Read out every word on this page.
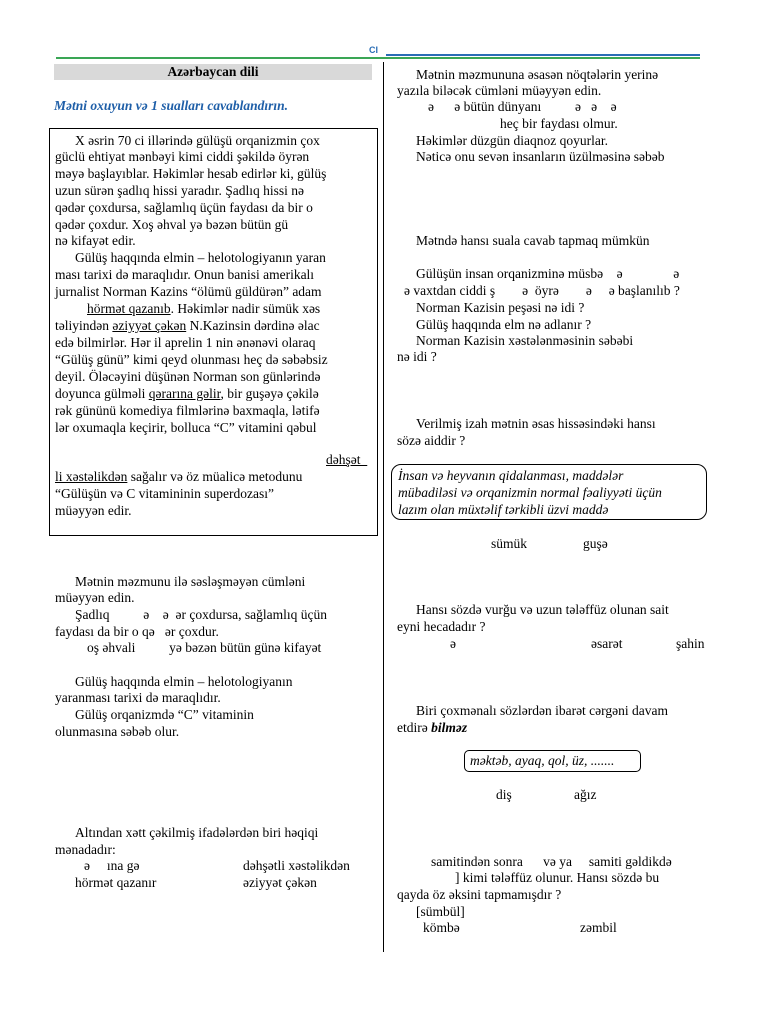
CI
Azərbaycan dili
Mətni oxuyun və 1 sualları cavablandırın.
X əsrin 70 ci illərində gülüşü orqanizmin çox
güclü ehtiyat mənbəyi kimi ciddi şəkildə öyrən
məyə başlayıblar. Həkimlər hesab edirlər ki, gülüş
uzun sürən şadlıq hissi yaradır. Şadlıq hissi nə
qədər çoxdursa, sağlamlıq üçün faydası da bir o
qədər çoxdur. Xoş əhval yə bəzən bütün gü
nə kifayət edir.
Gülüş haqqında elmin – helotologiyanın yaran
ması tarixi də maraqlıdır. Onun banisi amerikalı
jurnalist Norman Kazins “ölümü güldürən” adam
hörmət qazanıb. Həkimlər nadir sümük xəs
təliyindən əziyyət çəkən N.Kazinsin dərdinə əlac
edə bilmirlər. Hər il aprelin 1 nin ənənəvi olaraq
“Gülüş günü” kimi qeyd olunması heç də səbəbsiz
deyil. Öləcəyini düşünən Norman son günlərində
doyunca gülməli qərarına gəlir, bir guşəyə çəkilə
rək gününü komediya filmlərinə baxmaqla, lətifə
lər oxumaqla keçirir, bolluca “C” vitamini qəbul
dəhşət
li xəstəlikdən sağalır və öz müalicə metodunu
“Gülüşün və C vitamininin superdozası”
müəyyən edir.
Mətnin məzmunu ilə səsləşməyən cümləni
müəyyən edin.
Şadlıq          ə    ə  ər çoxdursa, sağlamlıq üçün
faydası da bir o qə   ər çoxdur.
oş əhvali          yə bəzən bütün günə kifayət
Gülüş haqqında elmin – helotologiyanın
yaranması tarixi də maraqlıdır.
Gülüş orqanizmdə “C” vitaminin
olunmasına səbəb olur.
Altından xətt çəkilmiş ifadələrdən biri həqiqi
mənadadır:
ə     ına gə	dəhşətli xəstəlikdən
hörmət qazanır	əziyyət çəkən
Mətnin məzmununa əsasən nöqtələrin yerinə
yazıla biləcək cümləni müəyyən edin.
ə      ə bütün dünyanı          ə   ə    ə
heç bir faydası olmur.
Həkimlər düzgün diaqnoz qoyurlar.
Nəticə onu sevən insanların üzülməsinə səbəb
Mətndə hansı suala cavab tapmaq mümkün
Gülüşün insan orqanizminə müsbə    ə               ə
ə vaxtdan ciddi ş        ə  öyrə        ə     ə başlanılıb ?
Norman Kazisin peşəsi nə idi ?
Gülüş haqqında elm nə adlanır ?
Norman Kazisin xəstələnməsinin səbəbi
nə idi ?
Verilmiş izah mətnin əsas hissəsindəki hansı
sözə aiddir ?
İnsan və heyvanın qidalanması, maddələr
mübadiləsi və orqanizmin normal fəaliyyəti üçün
lazım olan müxtəlif tərkibli üzvi maddə
sümük	guşə
Hansı sözdə vurğu və uzun tələffüz olunan sait
eyni hecadadır ?
ə	əsarət	şahin
Biri çoxmənalı sözlərdən ibarət cərgəni davam
etdirə bilməz
məktəb, ayaq, qol, üz, .......
diş	ağız
samitindən sonra      və ya     samiti gəldikdə
] kimi tələffüz olunur. Hansı sözdə bu
qayda öz əksini tapmamışdır ?
[sümbül]
kömbə	zəmbil
